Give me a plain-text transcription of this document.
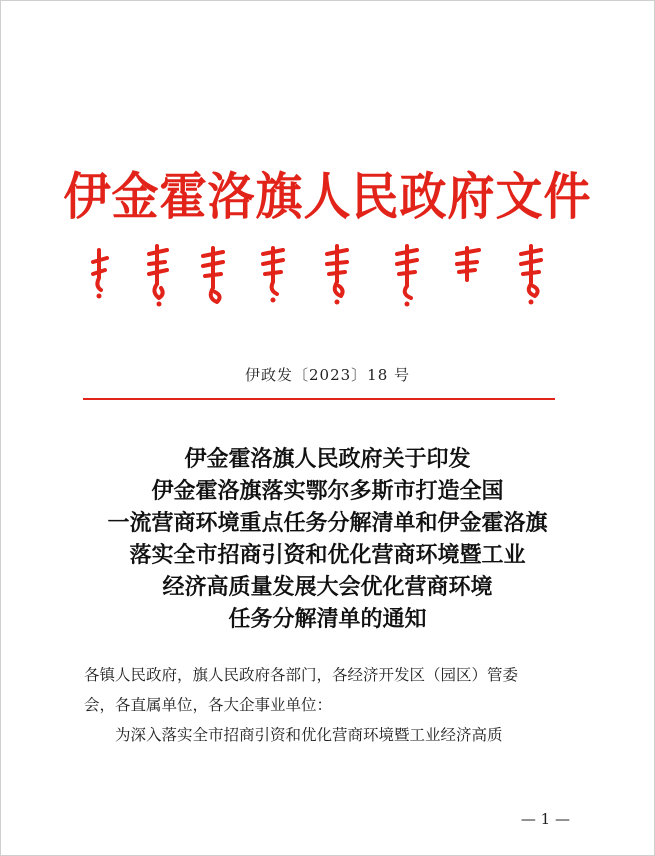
伊金霍洛旗人民政府文件
伊政发〔2023〕18 号
伊金霍洛旗人民政府关于印发
伊金霍洛旗落实鄂尔多斯市打造全国
一流营商环境重点任务分解清单和伊金霍洛旗
落实全市招商引资和优化营商环境暨工业
经济高质量发展大会优化营商环境
任务分解清单的通知

各镇人民政府，旗人民政府各部门，各经济开发区（园区）管委

会，各直属单位，各大企事业单位：

为深入落实全市招商引资和优化营商环境暨工业经济高质

— 1 —
